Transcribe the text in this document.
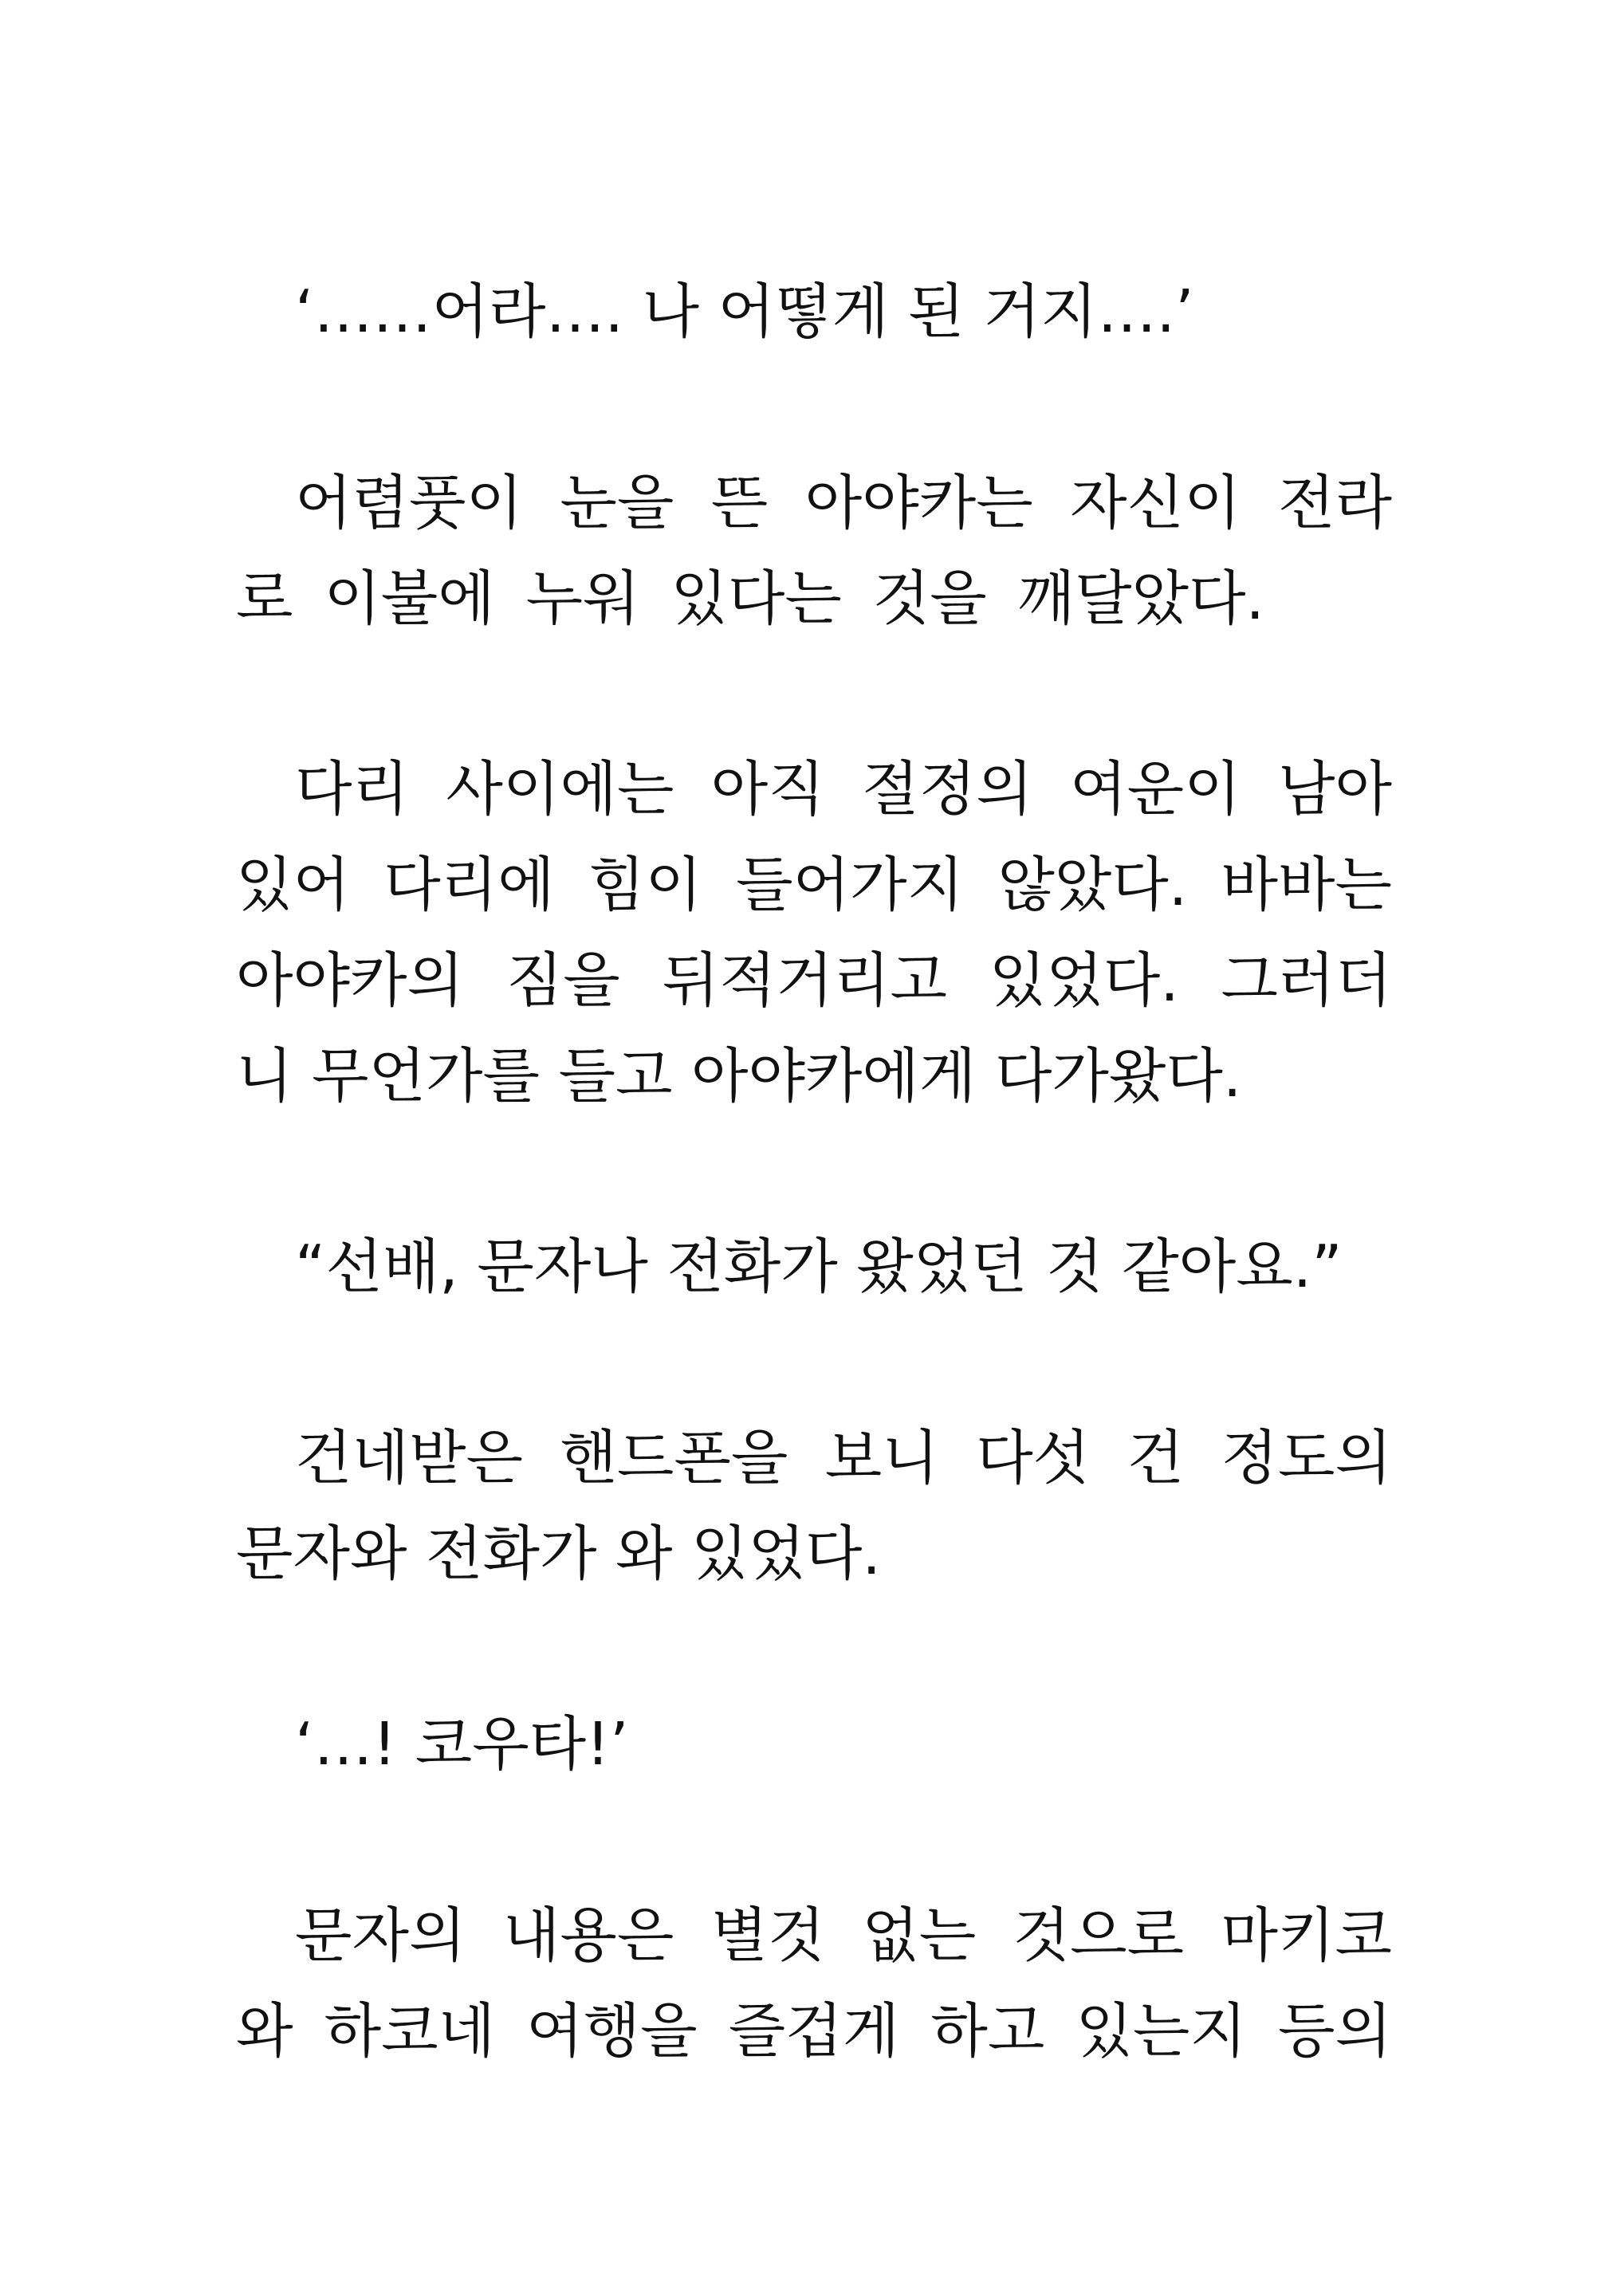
‘……어라…. 나 어떻게 된 거지….’
어렴풋이 눈을 뜬 아야카는 자신이 전라
로 이불에 누워 있다는 것을 깨달았다.
다리 사이에는 아직 절정의 여운이 남아
있어 다리에 힘이 들어가지 않았다. 바바는
아야카의 짐을 뒤적거리고 있었다. 그러더
니 무언가를 들고 아야카에게 다가왔다.
“선배, 문자나 전화가 왔었던 것 같아요.”
건네받은 핸드폰을 보니 다섯 건 정도의
문자와 전화가 와 있었다.
‘…! 코우타!’
문자의 내용은 별것 없는 것으로 마키코
와 하코네 여행을 즐겁게 하고 있는지 등의
